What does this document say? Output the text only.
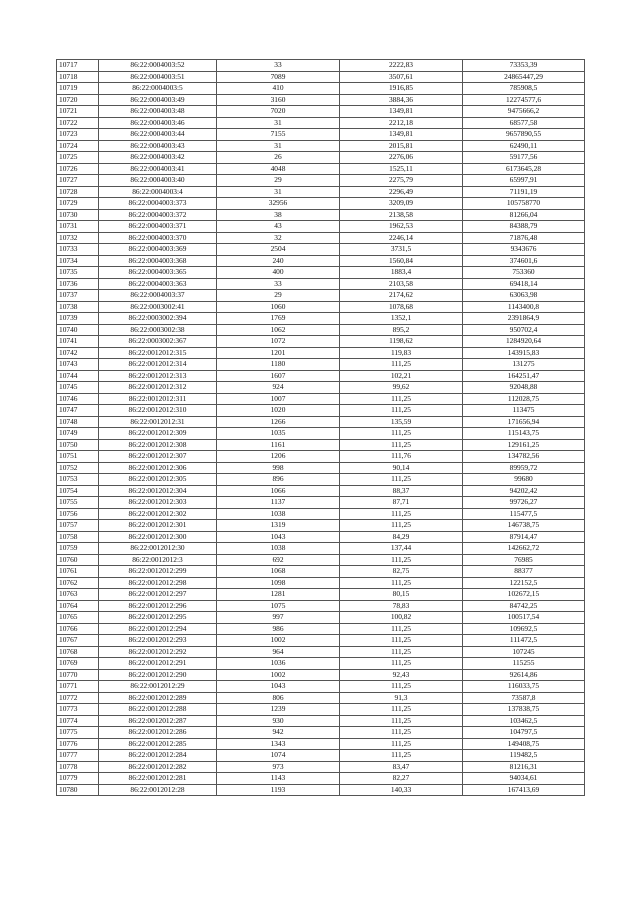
10717	86:22:0004003:52	33	2222,83	73353,39
10718	86:22:0004003:51	7089	3507,61	24865447,29
10719	86:22:0004003:5	410	1916,85	785908,5
10720	86:22:0004003:49	3160	3884,36	12274577,6
10721	86:22:0004003:48	7020	1349,81	9475666,2
10722	86:22:0004003:46	31	2212,18	68577,58
10723	86:22:0004003:44	7155	1349,81	9657890,55
10724	86:22:0004003:43	31	2015,81	62490,11
10725	86:22:0004003:42	26	2276,06	59177,56
10726	86:22:0004003:41	4048	1525,11	6173645,28
10727	86:22:0004003:40	29	2275,79	65997,91
10728	86:22:0004003:4	31	2296,49	71191,19
10729	86:22:0004003:373	32956	3209,09	105758770
10730	86:22:0004003:372	38	2138,58	81266,04
10731	86:22:0004003:371	43	1962,53	84388,79
10732	86:22:0004003:370	32	2246,14	71876,48
10733	86:22:0004003:369	2504	3731,5	9343676
10734	86:22:0004003:368	240	1560,84	374601,6
10735	86:22:0004003:365	400	1883,4	753360
10736	86:22:0004003:363	33	2103,58	69418,14
10737	86:22:0004003:37	29	2174,62	63063,98
10738	86:22:0003002:41	1060	1078,68	1143400,8
10739	86:22:0003002:394	1769	1352,1	2391864,9
10740	86:22:0003002:38	1062	895,2	950702,4
10741	86:22:0003002:367	1072	1198,62	1284920,64
10742	86:22:0012012:315	1201	119,83	143915,83
10743	86:22:0012012:314	1180	111,25	131275
10744	86:22:0012012:313	1607	102,21	164251,47
10745	86:22:0012012:312	924	99,62	92048,88
10746	86:22:0012012:311	1007	111,25	112028,75
10747	86:22:0012012:310	1020	111,25	113475
10748	86:22:0012012:31	1266	135,59	171656,94
10749	86:22:0012012:309	1035	111,25	115143,75
10750	86:22:0012012:308	1161	111,25	129161,25
10751	86:22:0012012:307	1206	111,76	134782,56
10752	86:22:0012012:306	998	90,14	89959,72
10753	86:22:0012012:305	896	111,25	99680
10754	86:22:0012012:304	1066	88,37	94202,42
10755	86:22:0012012:303	1137	87,71	99726,27
10756	86:22:0012012:302	1038	111,25	115477,5
10757	86:22:0012012:301	1319	111,25	146738,75
10758	86:22:0012012:300	1043	84,29	87914,47
10759	86:22:0012012:30	1038	137,44	142662,72
10760	86:22:0012012:3	692	111,25	76985
10761	86:22:0012012:299	1068	82,75	88377
10762	86:22:0012012:298	1098	111,25	122152,5
10763	86:22:0012012:297	1281	80,15	102672,15
10764	86:22:0012012:296	1075	78,83	84742,25
10765	86:22:0012012:295	997	100,82	100517,54
10766	86:22:0012012:294	986	111,25	109692,5
10767	86:22:0012012:293	1002	111,25	111472,5
10768	86:22:0012012:292	964	111,25	107245
10769	86:22:0012012:291	1036	111,25	115255
10770	86:22:0012012:290	1002	92,43	92614,86
10771	86:22:0012012:29	1043	111,25	116033,75
10772	86:22:0012012:289	806	91,3	73587,8
10773	86:22:0012012:288	1239	111,25	137838,75
10774	86:22:0012012:287	930	111,25	103462,5
10775	86:22:0012012:286	942	111,25	104797,5
10776	86:22:0012012:285	1343	111,25	149408,75
10777	86:22:0012012:284	1074	111,25	119482,5
10778	86:22:0012012:282	973	83,47	81216,31
10779	86:22:0012012:281	1143	82,27	94034,61
10780	86:22:0012012:28	1193	140,33	167413,69
